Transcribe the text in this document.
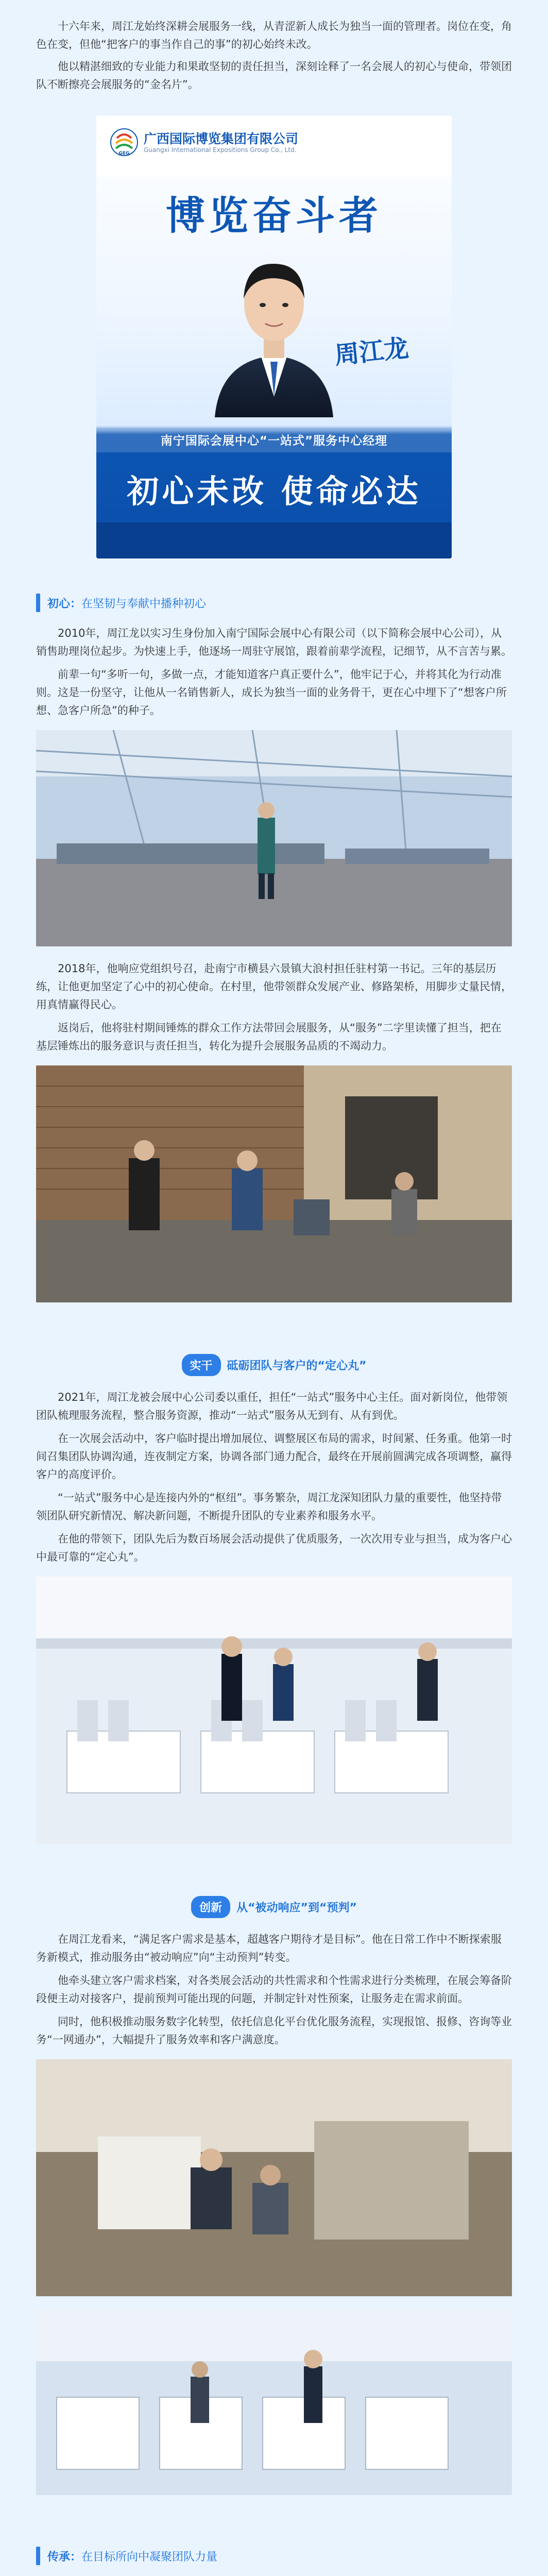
十六年来，周江龙始终深耕会展服务一线，从青涩新人成长为独当一面的管理者。岗位在变，角色在变，但他“把客户的事当作自己的事”的初心始终未改。

他以精湛细致的专业能力和果敢坚韧的责任担当，深刻诠释了一名会展人的初心与使命，带领团队不断擦亮会展服务的“金名片”。

GEG
广西国际博览集团有限公司
Guangxi International Expositions Group Co., Ltd.
博览奋斗者
周江龙
南宁国际会展中心“一站式”服务中心经理
初心未改 使命必达
初心 ： 在坚韧与奉献中播种初心

2010年，周江龙以实习生身份加入南宁国际会展中心有限公司（以下简称会展中心公司），从销售助理岗位起步。为快速上手，他逐场一周驻守展馆，跟着前辈学流程，记细节，从不言苦与累。

前辈一句“多听一句，多做一点，才能知道客户真正要什么”，他牢记于心，并将其化为行动准则。这是一份坚守，让他从一名销售新人，成长为独当一面的业务骨干，更在心中埋下了“想客户所想、急客户所急”的种子。

2018年，他响应党组织号召，赴南宁市横县六景镇大浪村担任驻村第一书记。三年的基层历练，让他更加坚定了心中的初心使命。在村里，他带领群众发展产业、修路架桥，用脚步丈量民情，用真情赢得民心。

返岗后，他将驻村期间锤炼的群众工作方法带回会展服务，从“服务”二字里读懂了担当，把在基层锤炼出的服务意识与责任担当，转化为提升会展服务品质的不竭动力。

实干	砥砺团队与客户的“定心丸”

2021年，周江龙被会展中心公司委以重任，担任“一站式”服务中心主任。面对新岗位，他带领团队梳理服务流程，整合服务资源，推动“一站式”服务从无到有、从有到优。

在一次展会活动中，客户临时提出增加展位、调整展区布局的需求，时间紧、任务重。他第一时间召集团队协调沟通，连夜制定方案，协调各部门通力配合，最终在开展前圆满完成各项调整，赢得客户的高度评价。

“一站式”服务中心是连接内外的“枢纽”。事务繁杂，周江龙深知团队力量的重要性，他坚持带领团队研究新情况、解决新问题，不断提升团队的专业素养和服务水平。

在他的带领下，团队先后为数百场展会活动提供了优质服务，一次次用专业与担当，成为客户心中最可靠的“定心丸”。

创新	从“被动响应”到“预判”

在周江龙看来，“满足客户需求是基本，超越客户期待才是目标”。他在日常工作中不断探索服务新模式，推动服务由“被动响应”向“主动预判”转变。

他牵头建立客户需求档案，对各类展会活动的共性需求和个性需求进行分类梳理，在展会筹备阶段便主动对接客户，提前预判可能出现的问题，并制定针对性预案，让服务走在需求前面。

同时，他积极推动服务数字化转型，依托信息化平台优化服务流程，实现报馆、报修、咨询等业务“一网通办”，大幅提升了服务效率和客户满意度。

传承 ： 在目标所向中凝聚团队力量
